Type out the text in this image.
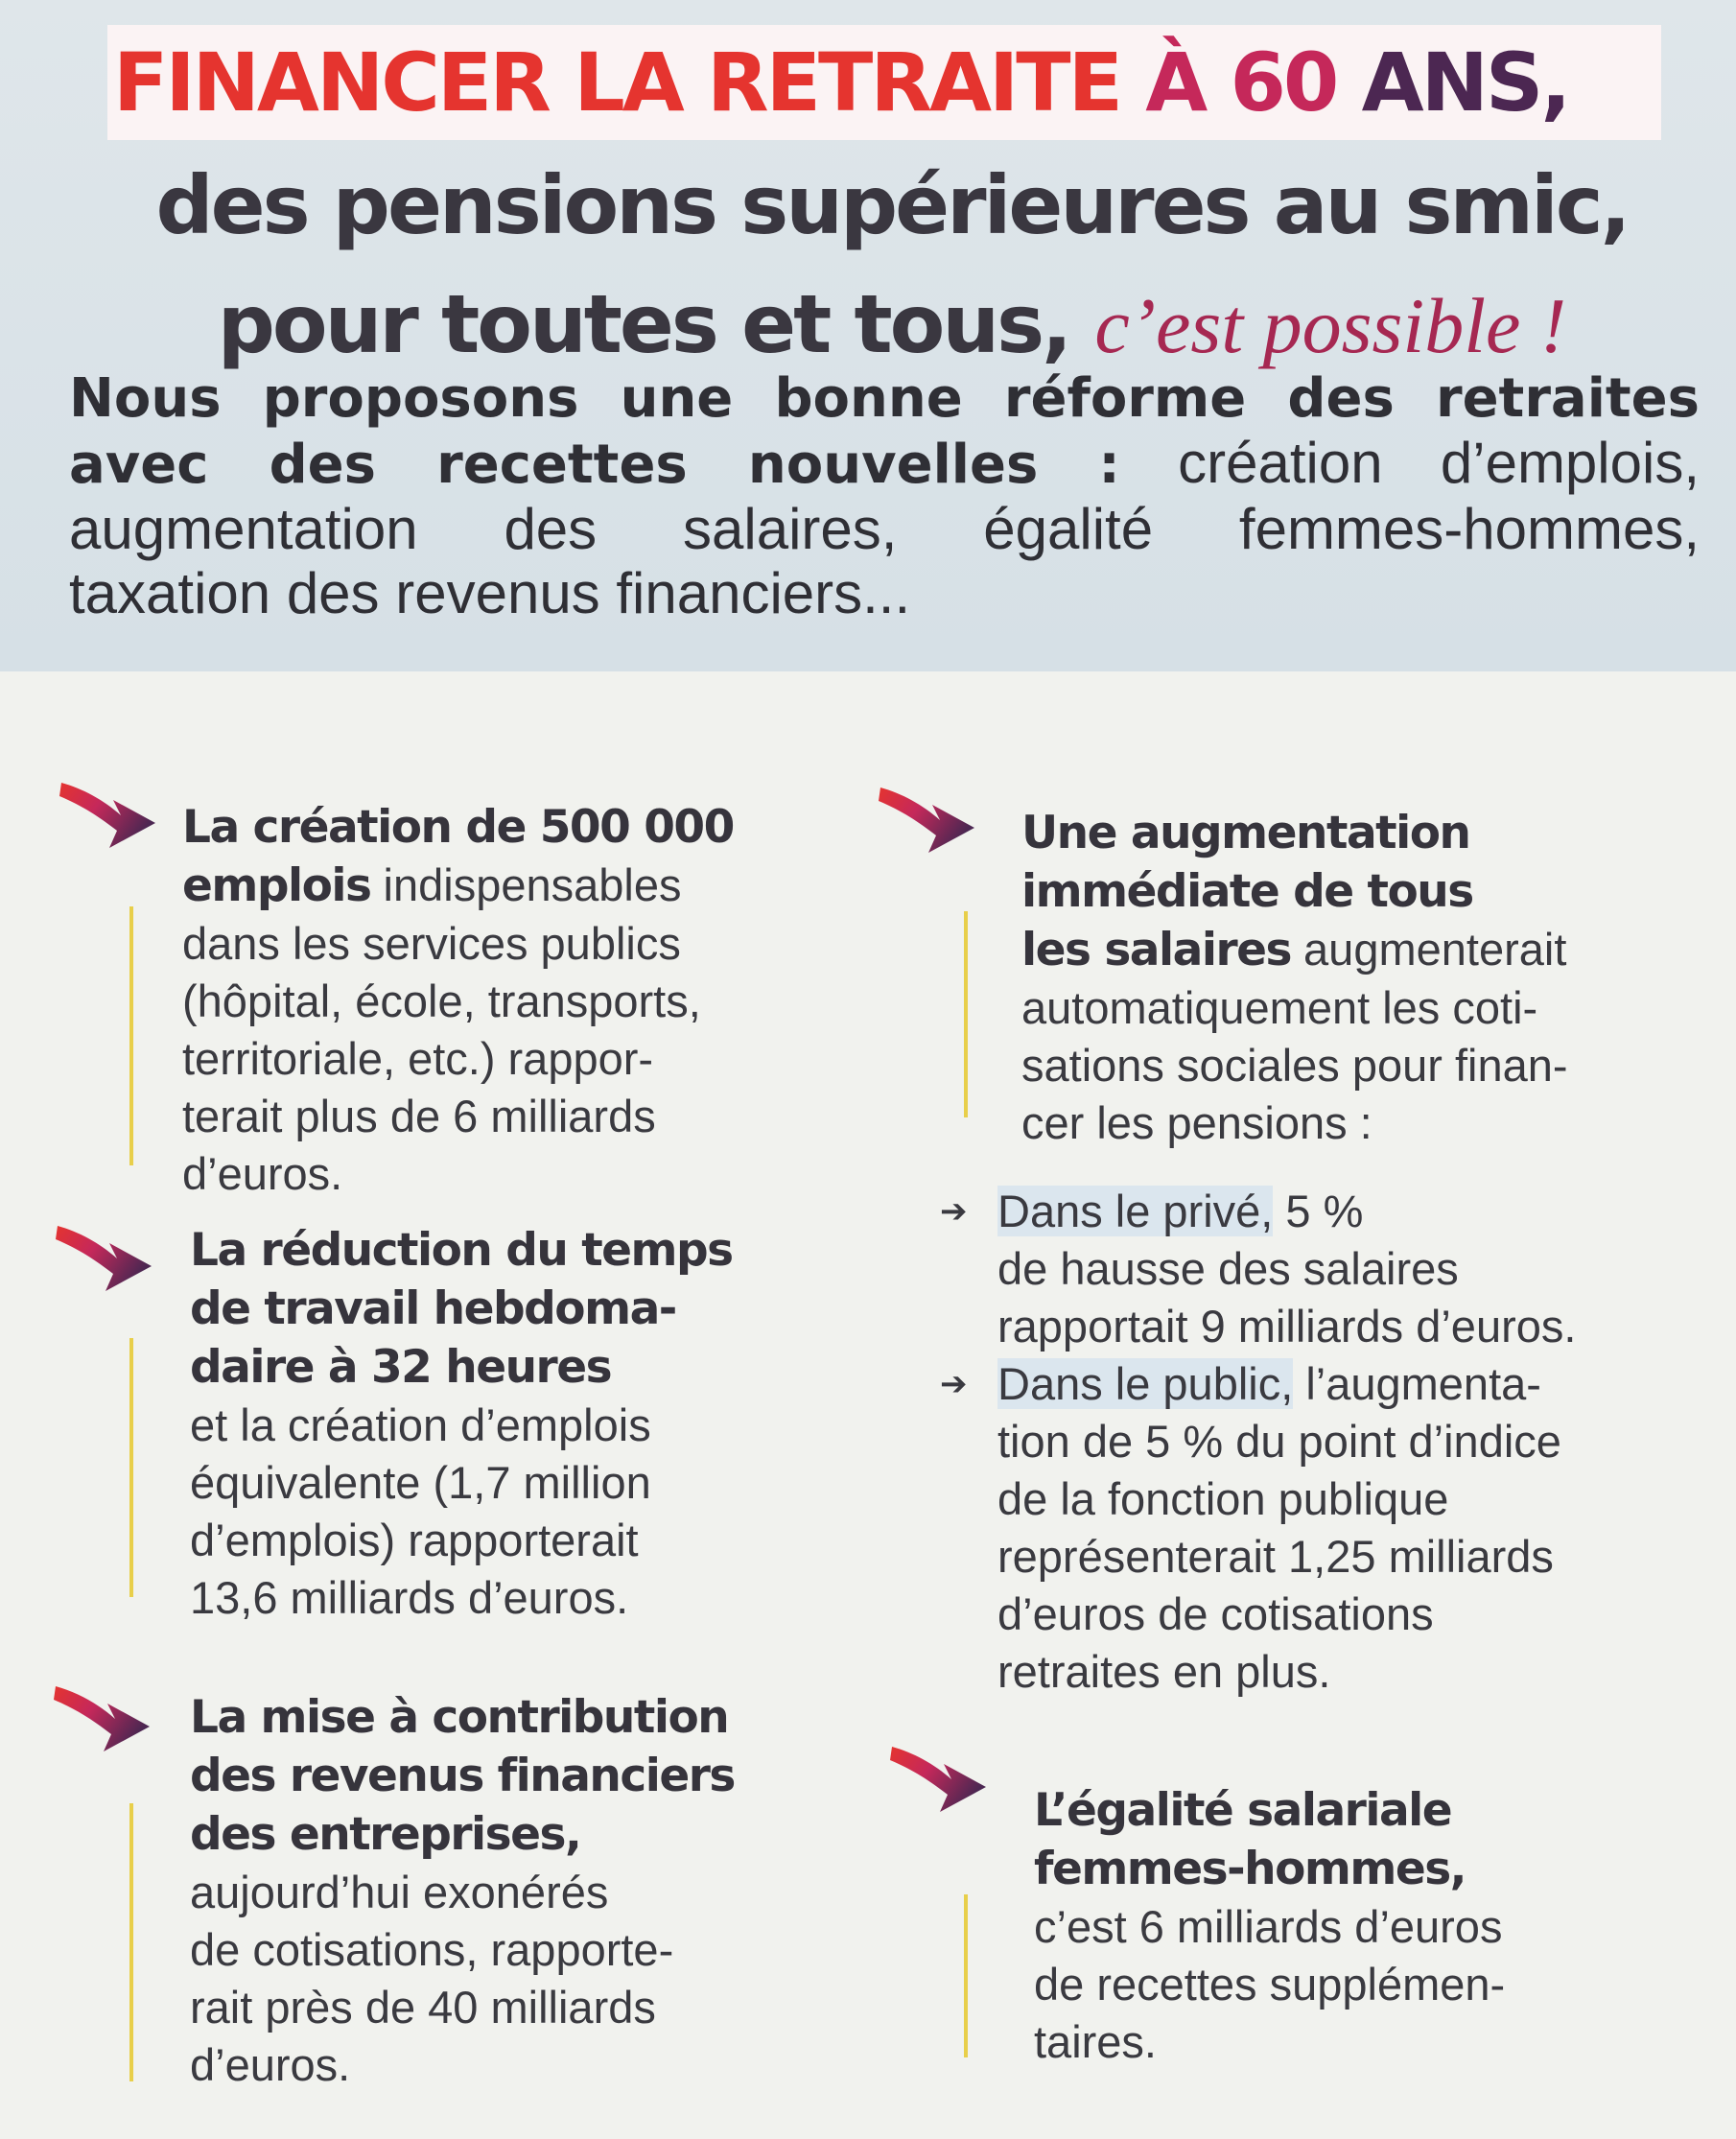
FINANCER LA RETRAITE À 60 ANS,
des pensions supérieures au smic,
pour toutes et tous, c’est possible !
Nous proposons une bonne réforme des retraites
avec des recettes nouvelles : création d’emplois,
augmentation des salaires, égalité femmes-hommes,
taxation des revenus financiers...
La création de 500 000
emplois indispensables
dans les services publics
(hôpital, école, transports,
territoriale, etc.) rappor-
terait plus de 6 milliards
d’euros.
La réduction du temps
de travail hebdoma-
daire à 32 heures
et la création d’emplois
équivalente (1,7 million
d’emplois) rapporterait
13,6 milliards d’euros.
La mise à contribution
des revenus financiers
des entreprises,
aujourd’hui exonérés
de cotisations, rapporte-
rait près de 40 milliards
d’euros.
Une augmentation
immédiate de tous
les salaires augmenterait
automatiquement les coti-
sations sociales pour finan-
cer les pensions :
➔ Dans le privé, 5 %
de hausse des salaires
rapportait 9 milliards d’euros.
➔ Dans le public, l’augmenta-
tion de 5 % du point d’indice
de la fonction publique
représenterait 1,25 milliards
d’euros de cotisations
retraites en plus.
L’égalité salariale
femmes-hommes,
c’est 6 milliards d’euros
de recettes supplémen-
taires.
